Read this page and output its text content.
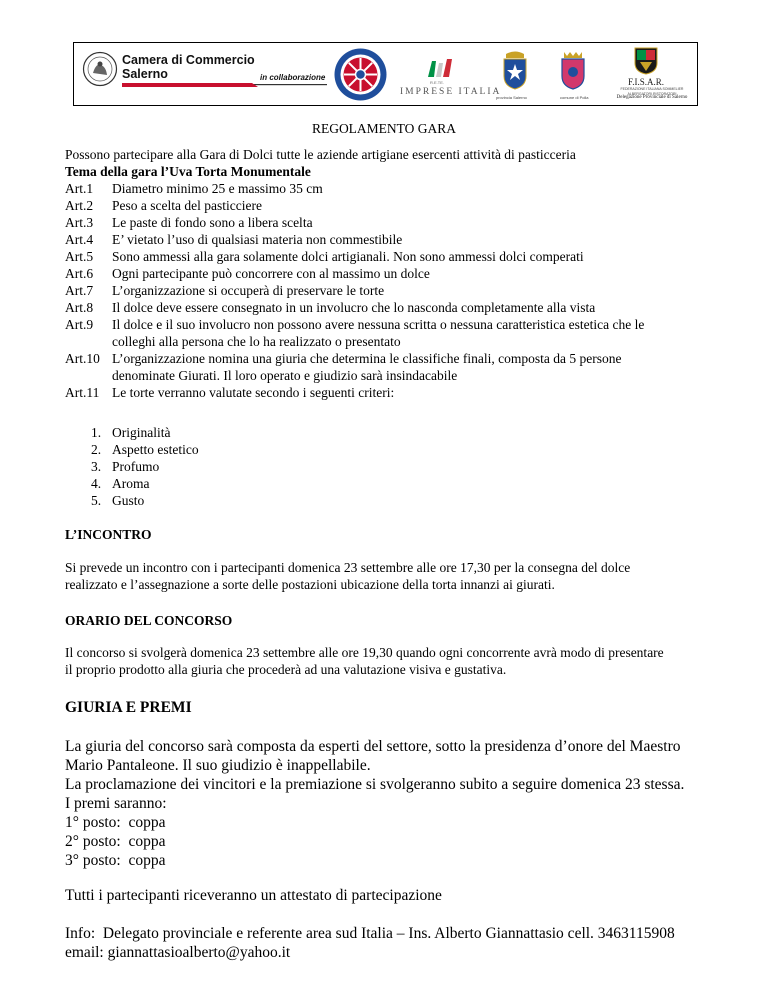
Camera di Commercio
Salerno	in collaborazione
R.E.TE.
IMPRESE ITALIA
provincia Salerno	comune di Polla
F.I.S.A.R.
FEDERAZIONE ITALIANA SOMMELIER ALBERGATORI RISTORATORI
Delegazione Provinciale di Salerno
REGOLAMENTO GARA
Possono partecipare alla Gara di Dolci tutte le aziende artigiane esercenti attività di pasticceria
Tema della gara l’Uva Torta Monumentale
Art.1 Diametro minimo 25 e massimo 35 cm
Art.2 Peso a scelta del pasticciere
Art.3 Le paste di fondo sono a libera scelta
Art.4 E’ vietato l’uso di qualsiasi materia non commestibile
Art.5 Sono ammessi alla gara solamente dolci artigianali. Non sono ammessi dolci comperati
Art.6 Ogni partecipante può concorrere con al massimo un dolce
Art.7 L’organizzazione si occuperà di preservare le torte
Art.8 Il dolce deve essere consegnato in un involucro che lo nasconda completamente alla vista
Art.9 Il dolce e il suo involucro non possono avere nessuna scritta o nessuna caratteristica estetica che le
colleghi alla persona che lo ha realizzato o presentato
Art.10 L’organizzazione nomina una giuria che determina le classifiche finali, composta da 5 persone
denominate Giurati. Il loro operato e giudizio sarà insindacabile
Art.11 Le torte verranno valutate secondo i seguenti criteri:
1. Originalità
2. Aspetto estetico
3. Profumo
4. Aroma
5. Gusto
L’INCONTRO
Si prevede un incontro con i partecipanti domenica 23 settembre alle ore 17,30 per la consegna del dolce
realizzato e l’assegnazione a sorte delle postazioni ubicazione della torta innanzi ai giurati.
ORARIO DEL CONCORSO
Il concorso si svolgerà domenica 23 settembre alle ore 19,30 quando ogni concorrente avrà modo di presentare
il proprio prodotto alla giuria che procederà ad una valutazione visiva e gustativa.
GIURIA E PREMI
La giuria del concorso sarà composta da esperti del settore, sotto la presidenza d’onore del Maestro
Mario Pantaleone. Il suo giudizio è inappellabile.
La proclamazione dei vincitori e la premiazione si svolgeranno subito a seguire domenica 23 stessa.
I premi saranno:
1° posto:  coppa
2° posto:  coppa
3° posto:  coppa
Tutti i partecipanti riceveranno un attestato di partecipazione
Info:  Delegato provinciale e referente area sud Italia – Ins. Alberto Giannattasio cell. 3463115908
email: giannattasioalberto@yahoo.it
